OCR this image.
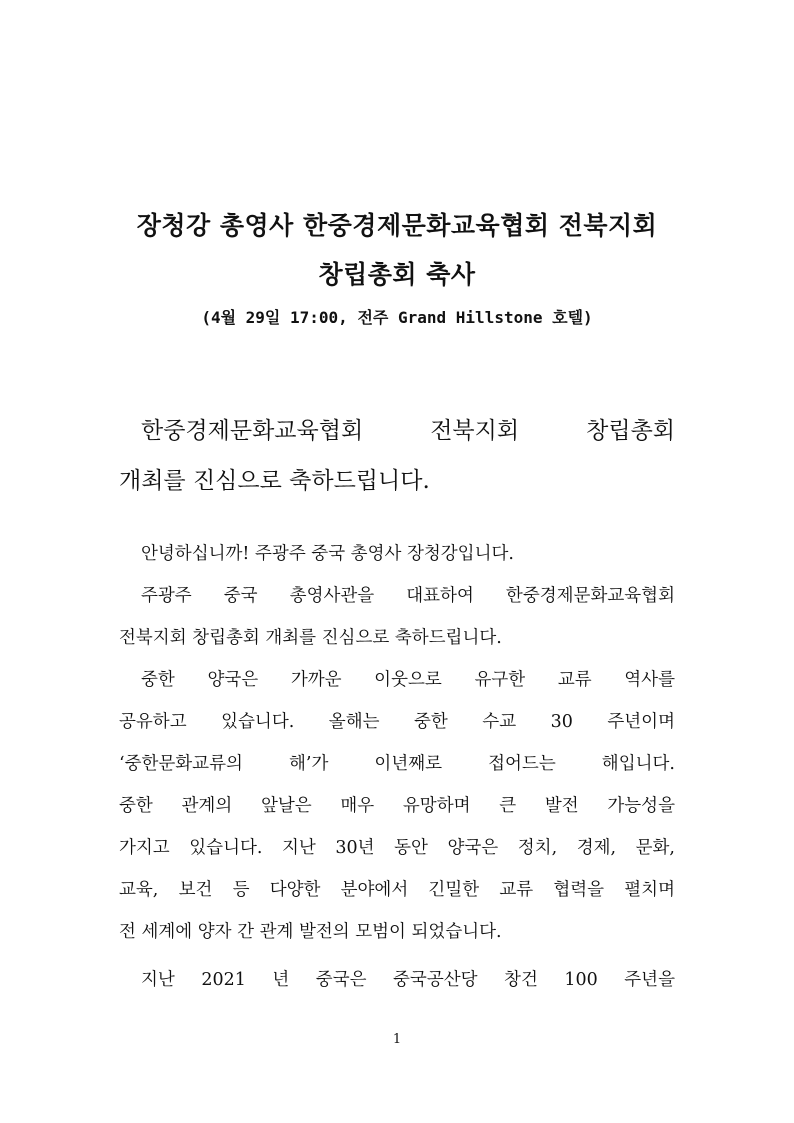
장청강 총영사 한중경제문화교육협회 전북지회
창립총회 축사
(4월 29일 17:00, 전주 Grand Hillstone 호텔)
한중경제문화교육협회 전북지회 창립총회
개최를 진심으로 축하드립니다.
안녕하십니까! 주광주 중국 총영사 장청강입니다.
주광주 중국 총영사관을 대표하여 한중경제문화교육협회
전북지회 창립총회 개최를 진심으로 축하드립니다.
중한 양국은 가까운 이웃으로 유구한 교류 역사를
공유하고 있습니다. 올해는 중한 수교 30 주년이며
‘중한문화교류의 해’가 이년째로 접어드는 해입니다.
중한 관계의 앞날은 매우 유망하며 큰 발전 가능성을
가지고 있습니다. 지난 30년 동안 양국은 정치, 경제, 문화,
교육, 보건 등 다양한 분야에서 긴밀한 교류 협력을 펼치며
전 세계에 양자 간 관계 발전의 모범이 되었습니다.
지난 2021 년 중국은 중국공산당 창건 100 주년을
1
